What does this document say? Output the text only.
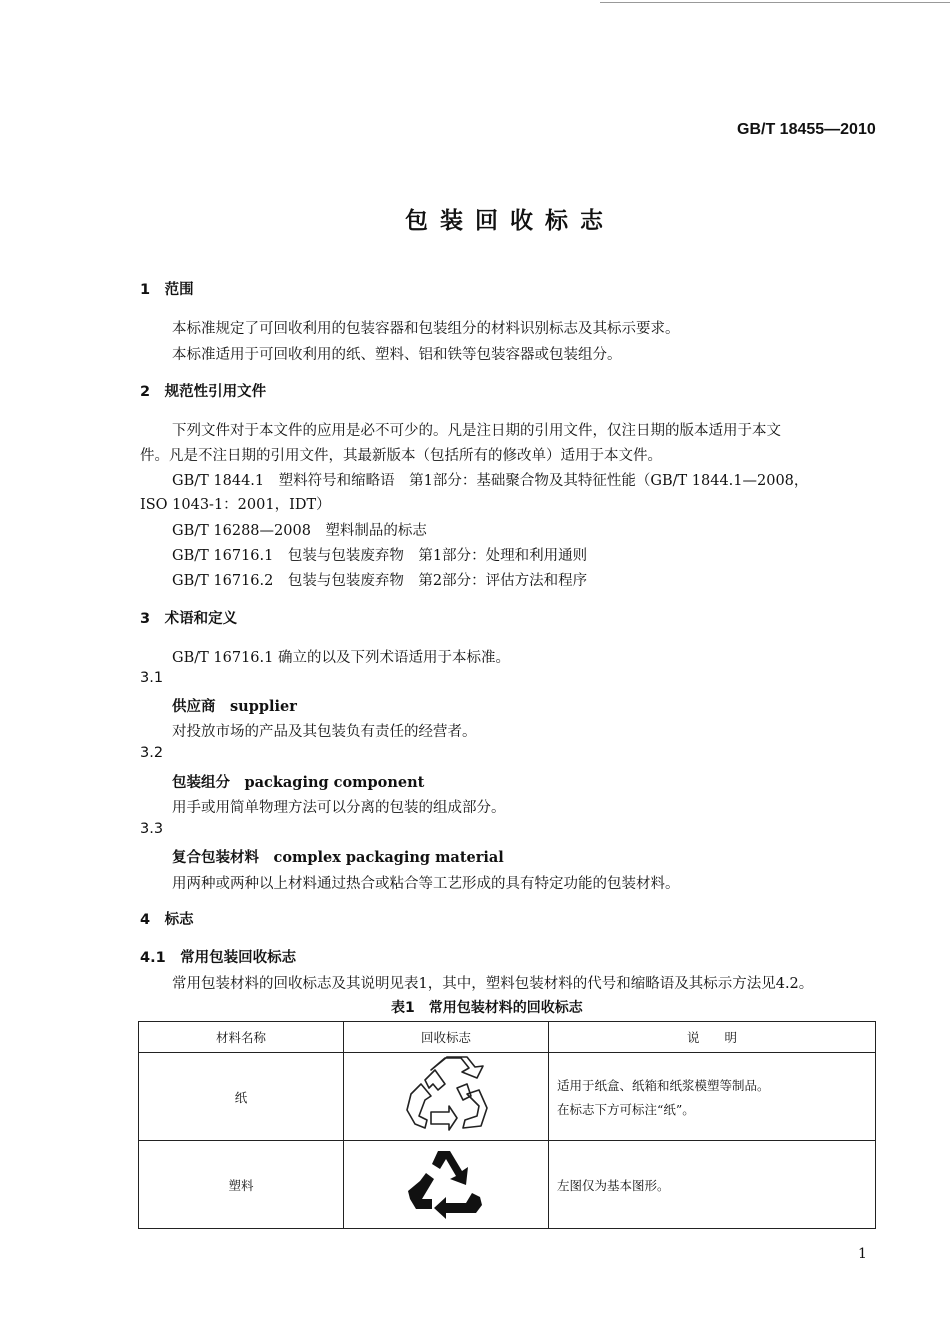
GB/T 18455—2010
包装回收标志
1　范围
本标准规定了可回收利用的包装容器和包装组分的材料识别标志及其标示要求。
本标准适用于可回收利用的纸、塑料、铝和铁等包装容器或包装组分。
2　规范性引用文件
下列文件对于本文件的应用是必不可少的。凡是注日期的引用文件，仅注日期的版本适用于本文
件。凡是不注日期的引用文件，其最新版本（包括所有的修改单）适用于本文件。
GB/T 1844.1　塑料符号和缩略语　第1部分：基础聚合物及其特征性能（GB/T 1844.1—2008，
ISO 1043-1：2001，IDT）
GB/T 16288—2008　塑料制品的标志
GB/T 16716.1　包装与包装废弃物　第1部分：处理和利用通则
GB/T 16716.2　包装与包装废弃物　第2部分：评估方法和程序
3　术语和定义
GB/T 16716.1 确立的以及下列术语适用于本标准。
3.1
供应商　supplier
对投放市场的产品及其包装负有责任的经营者。
3.2
包装组分　packaging component
用手或用简单物理方法可以分离的包装的组成部分。
3.3
复合包装材料　complex packaging material
用两种或两种以上材料通过热合或粘合等工艺形成的具有特定功能的包装材料。
4　标志
4.1　常用包装回收标志
常用包装材料的回收标志及其说明见表1，其中，塑料包装材料的代号和缩略语及其标示方法见4.2。
表1　常用包装材料的回收标志
材料名称	回收标志	说　　明
纸		适用于纸盒、纸箱和纸浆模塑等制品。
在标志下方可标注“纸”。

塑料		左图仅为基本图形。
1
